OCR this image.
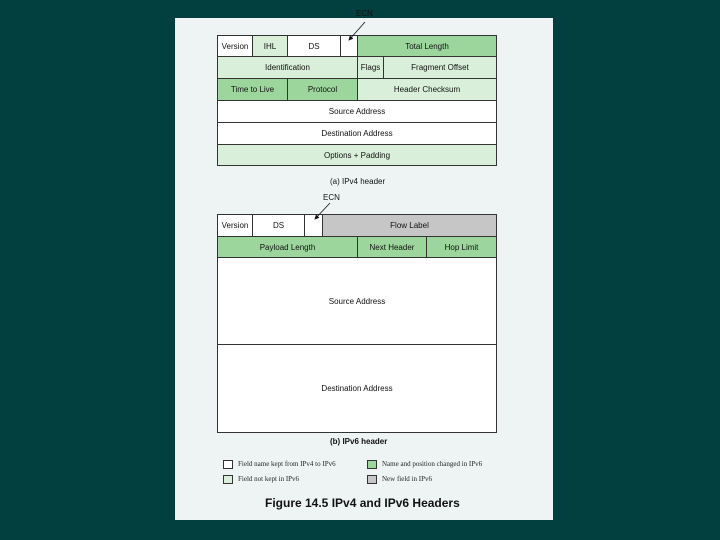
ECN
Version	IHL	DS	Total Length
Identification	Flags	Fragment Offset
Time to Live	Protocol	Header Checksum
Source Address
Destination Address
Options + Padding
(a) IPv4 header
ECN
Version	DS	Flow Label
Payload Length	Next Header	Hop Limit
Source Address
Destination Address
(b) IPv6 header
Field name kept from IPv4 to IPv6	Name and position changed in IPv6
Field not kept in IPv6	New field in IPv6
Figure 14.5 IPv4 and IPv6 Headers
